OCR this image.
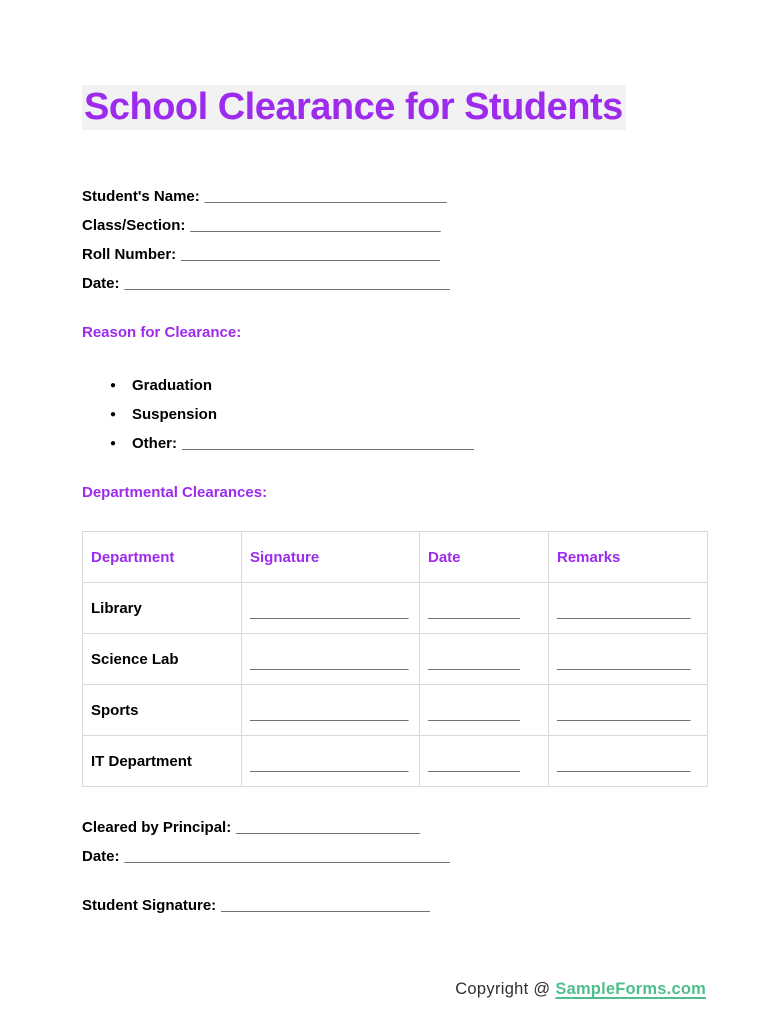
School Clearance for Students

Student's Name: _____________________________

Class/Section: ______________________________

Roll Number: _______________________________

Date: _______________________________________

Reason for Clearance:

● Graduation

● Suspension

● Other: ___________________________________

Departmental Clearances:

Department	Signature	Date	Remarks
Library	___________________	___________	________________
Science Lab	___________________	___________	________________
Sports	___________________	___________	________________
IT Department	___________________	___________	________________

Cleared by Principal: ______________________

Date: _______________________________________

Student Signature: _________________________

Copyright @ SampleForms.com
